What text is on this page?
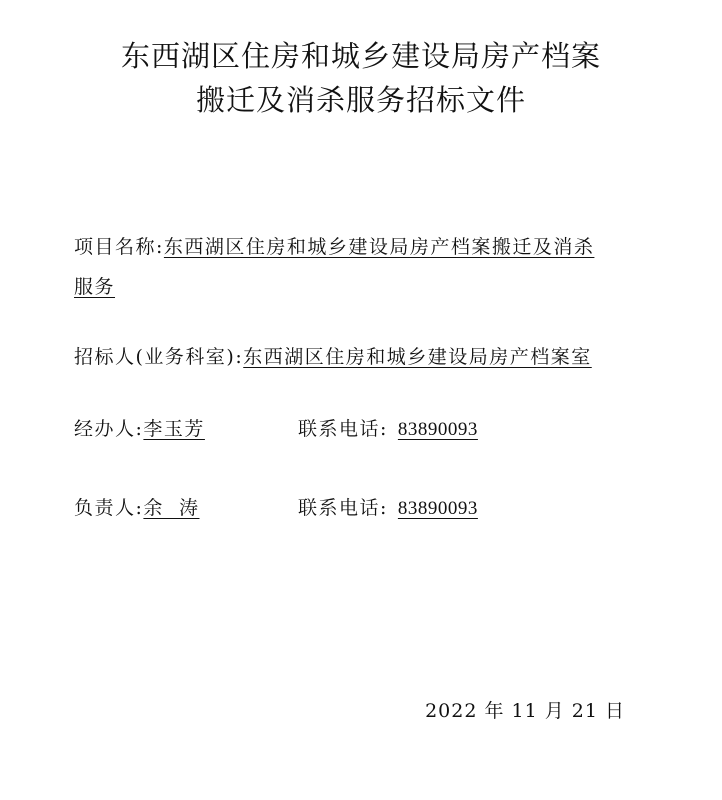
东西湖区住房和城乡建设局房产档案
搬迁及消杀服务招标文件
项目名称:东西湖区住房和城乡建设局房产档案搬迁及消杀
服务
招标人(业务科室):东西湖区住房和城乡建设局房产档案室
经办人:李玉芳	联系电话: 83890093
负责人:余  涛	联系电话: 83890093
2022 年 11 月 21 日
